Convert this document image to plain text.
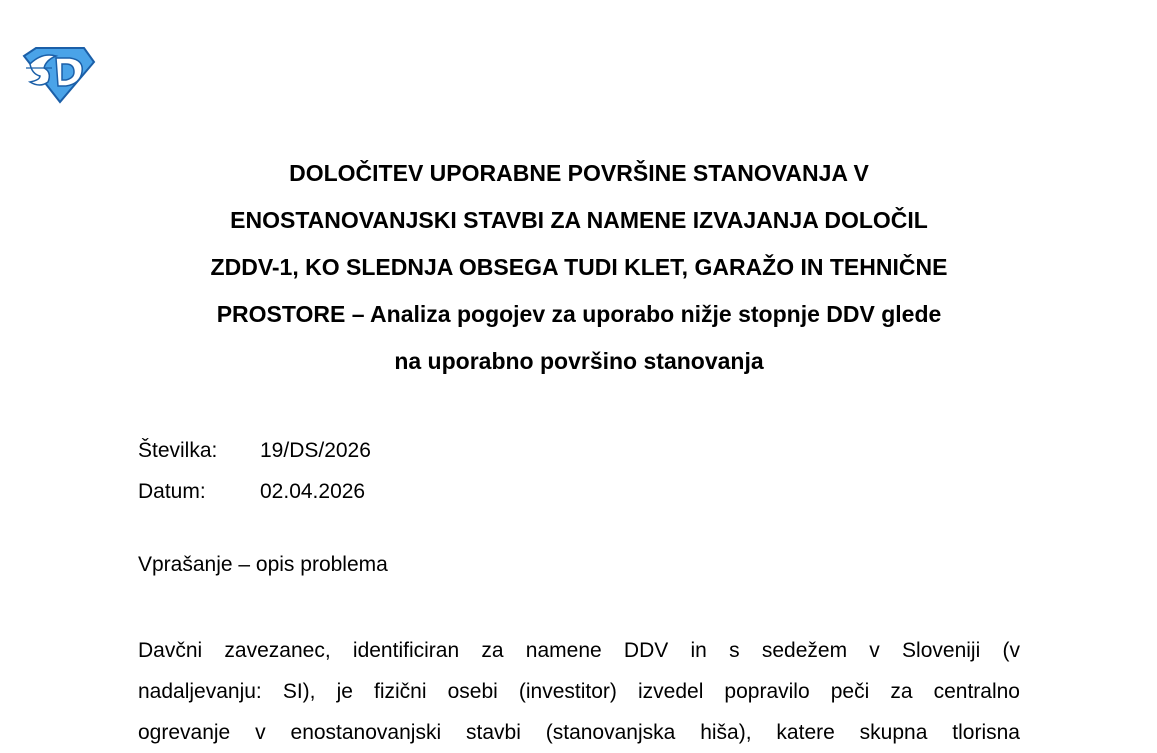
DOLOČITEV UPORABNE POVRŠINE STANOVANJA V
ENOSTANOVANJSKI STAVBI ZA NAMENE IZVAJANJA DOLOČIL
ZDDV-1, KO SLEDNJA OBSEGA TUDI KLET, GARAŽO IN TEHNIČNE
PROSTORE – Analiza pogojev za uporabo nižje stopnje DDV glede
na uporabno površino stanovanja
Številka:	19/DS/2026
Datum:	02.04.2026

Vprašanje – opis problema

Davčni zavezanec, identificiran za namene DDV in s sedežem v Sloveniji (v
nadaljevanju: SI), je fizični osebi (investitor) izvedel popravilo peči za centralno
ogrevanje v enostanovanjski stavbi (stanovanjska hiša), katere skupna tlorisna
